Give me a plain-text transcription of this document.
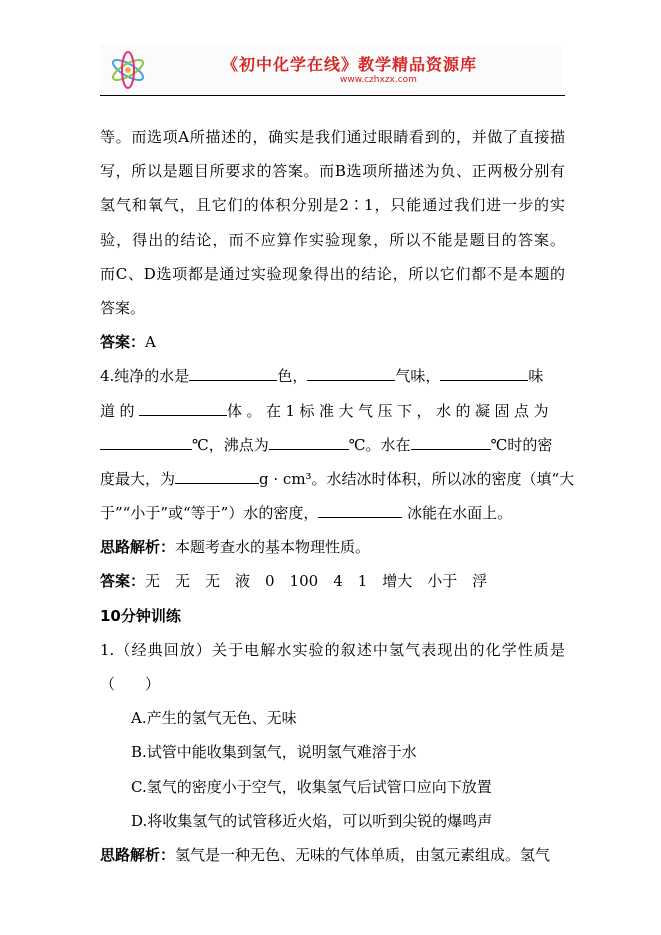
《初中化学在线》教学精品资源库
www.czhxzx.com
等。而选项A所描述的，确实是我们通过眼睛看到的，并做了直接描
写，所以是题目所要求的答案。而B选项所描述为负、正两极分别有
氢气和氧气，且它们的体积分别是2∶1，只能通过我们进一步的实
验，得出的结论，而不应算作实验现象，所以不能是题目的答案。
而C、D选项都是通过实验现象得出的结论，所以它们都不是本题的
答案。
答案：A
4.纯净的水是	色，	气味，	味
道的	体。在1标准大气压下，水的凝固点为
℃，沸点为	℃。水在	℃时的密
度最大，为	g · cm³。水结冰时体积，所以冰的密度（填“大
于”“小于”或“等于”）水的密度，	冰能在水面上。
思路解析：本题考查水的基本物理性质。
答案：无　无　无　液　0　100　4　1　增大　小于　浮
10分钟训练
1.（经典回放）关于电解水实验的叙述中氢气表现出的化学性质是
（　　）
A.产生的氢气无色、无味
B.试管中能收集到氢气，说明氢气难溶于水
C.氢气的密度小于空气，收集氢气后试管口应向下放置
D.将收集氢气的试管移近火焰，可以听到尖锐的爆鸣声
思路解析：氢气是一种无色、无味的气体单质，由氢元素组成。氢气
